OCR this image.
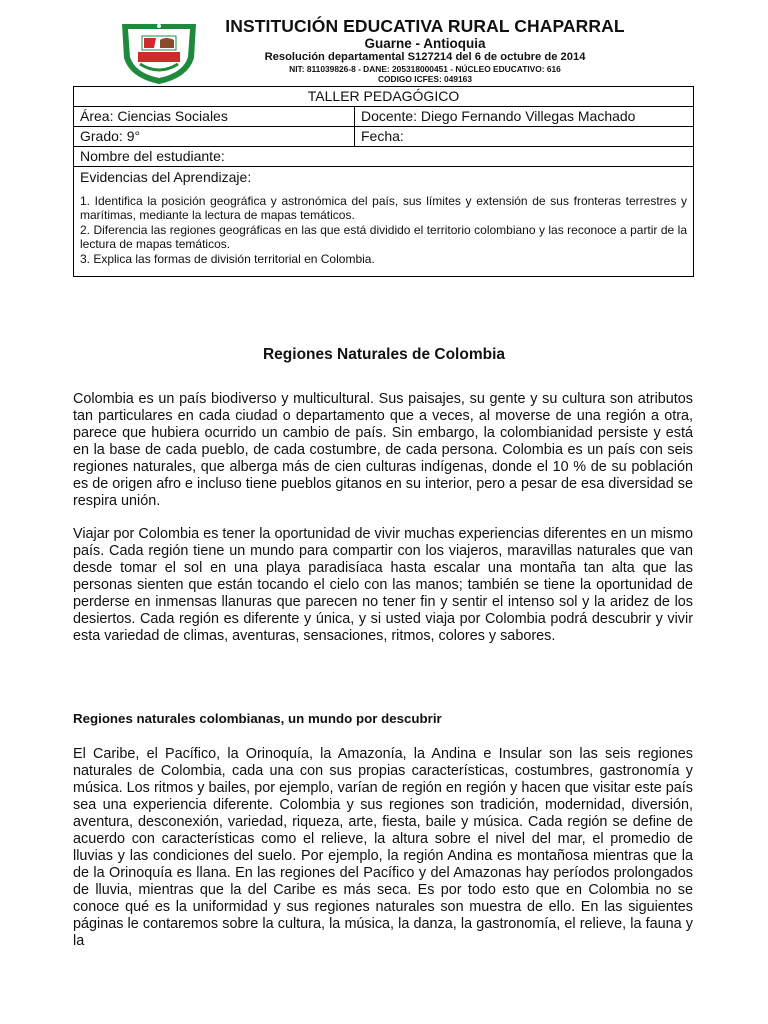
INSTITUCIÓN EDUCATIVA RURAL CHAPARRAL
Guarne - Antioquia
Resolución departamental S127214 del 6 de octubre de 2014
NIT: 811039826-8 - DANE: 205318000451 - NÚCLEO EDUCATIVO: 616
CODIGO ICFES: 049163
TALLER PEDAGÓGICO	
Área: Ciencias Sociales	Docente: Diego Fernando Villegas Machado
Grado: 9°	Fecha:
Nombre del estudiante:	

Evidencias del Aprendizaje:
1. Identifica la posición geográfica y astronómica del país, sus límites y extensión de sus fronteras terrestres y marítimas, mediante la lectura de mapas temáticos.
2. Diferencia las regiones geográficas en las que está dividido el territorio colombiano y las reconoce a partir de la lectura de mapas temáticos.
3. Explica las formas de división territorial en Colombia.	
Regiones Naturales de Colombia
Colombia es un país biodiverso y multicultural. Sus paisajes, su gente y su cultura son atributos tan particulares en cada ciudad o departamento que a veces, al moverse de una región a otra, parece que hubiera ocurrido un cambio de país. Sin embargo, la colombianidad persiste y está en la base de cada pueblo, de cada costumbre, de cada persona. Colombia es un país con seis regiones naturales, que alberga más de cien culturas indígenas, donde el 10 % de su población es de origen afro e incluso tiene pueblos gitanos en su interior, pero a pesar de esa diversidad se respira unión.
Viajar por Colombia es tener la oportunidad de vivir muchas experiencias diferentes en un mismo país. Cada región tiene un mundo para compartir con los viajeros, maravillas naturales que van desde tomar el sol en una playa paradisíaca hasta escalar una montaña tan alta que las personas sienten que están tocando el cielo con las manos; también se tiene la oportunidad de perderse en inmensas llanuras que parecen no tener fin y sentir el intenso sol y la aridez de los desiertos. Cada región es diferente y única, y si usted viaja por Colombia podrá descubrir y vivir esta variedad de climas, aventuras, sensaciones, ritmos, colores y sabores.
Regiones naturales colombianas, un mundo por descubrir
El Caribe, el Pacífico, la Orinoquía, la Amazonía, la Andina e Insular son las seis regiones naturales de Colombia, cada una con sus propias características, costumbres, gastronomía y música. Los ritmos y bailes, por ejemplo, varían de región en región y hacen que visitar este país sea una experiencia diferente. Colombia y sus regiones son tradición, modernidad, diversión, aventura, desconexión, variedad, riqueza, arte, fiesta, baile y música. Cada región se define de acuerdo con características como el relieve, la altura sobre el nivel del mar, el promedio de lluvias y las condiciones del suelo. Por ejemplo, la región Andina es montañosa mientras que la de la Orinoquía es llana. En las regiones del Pacífico y del Amazonas hay períodos prolongados de lluvia, mientras que la del Caribe es más seca. Es por todo esto que en Colombia no se conoce qué es la uniformidad y sus regiones naturales son muestra de ello. En las siguientes páginas le contaremos sobre la cultura, la música, la danza, la gastronomía, el relieve, la fauna y la
